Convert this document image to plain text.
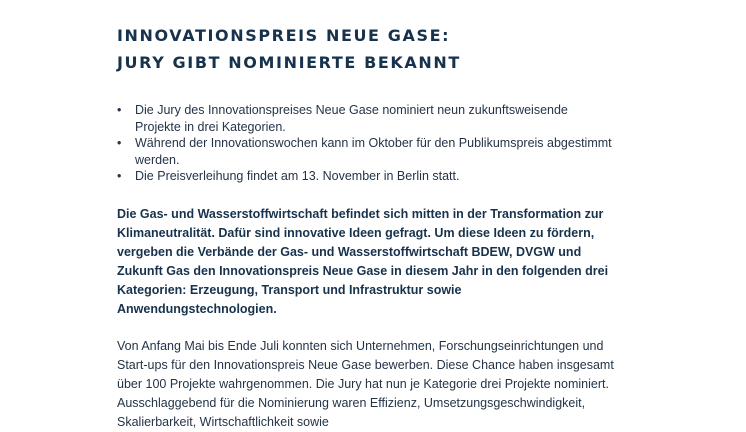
INNOVATIONSPREIS NEUE GASE:
JURY GIBT NOMINIERTE BEKANNT
• Die Jury des Innovationspreises Neue Gase nominiert neun zukunftsweisende Projekte in drei Kategorien.
• Während der Innovationswochen kann im Oktober für den Publikumspreis abgestimmt werden.
• Die Preisverleihung findet am 13. November in Berlin statt.

Die Gas- und Wasserstoffwirtschaft befindet sich mitten in der Transformation zur Klimaneutralität. Dafür sind innovative Ideen gefragt. Um diese Ideen zu fördern, vergeben die Verbände der Gas- und Wasserstoffwirtschaft BDEW, DVGW und Zukunft Gas den Innovationspreis Neue Gase in diesem Jahr in den folgenden drei Kategorien: Erzeugung, Transport und Infrastruktur sowie Anwendungstechnologien.

Von Anfang Mai bis Ende Juli konnten sich Unternehmen, Forschungseinrichtungen und Start-ups für den Innovationspreis Neue Gase bewerben. Diese Chance haben insgesamt über 100 Projekte wahrgenommen. Die Jury hat nun je Kategorie drei Projekte nominiert. Ausschlaggebend für die Nominierung waren Effizienz, Umsetzungsgeschwindigkeit, Skalierbarkeit, Wirtschaftlichkeit sowie
